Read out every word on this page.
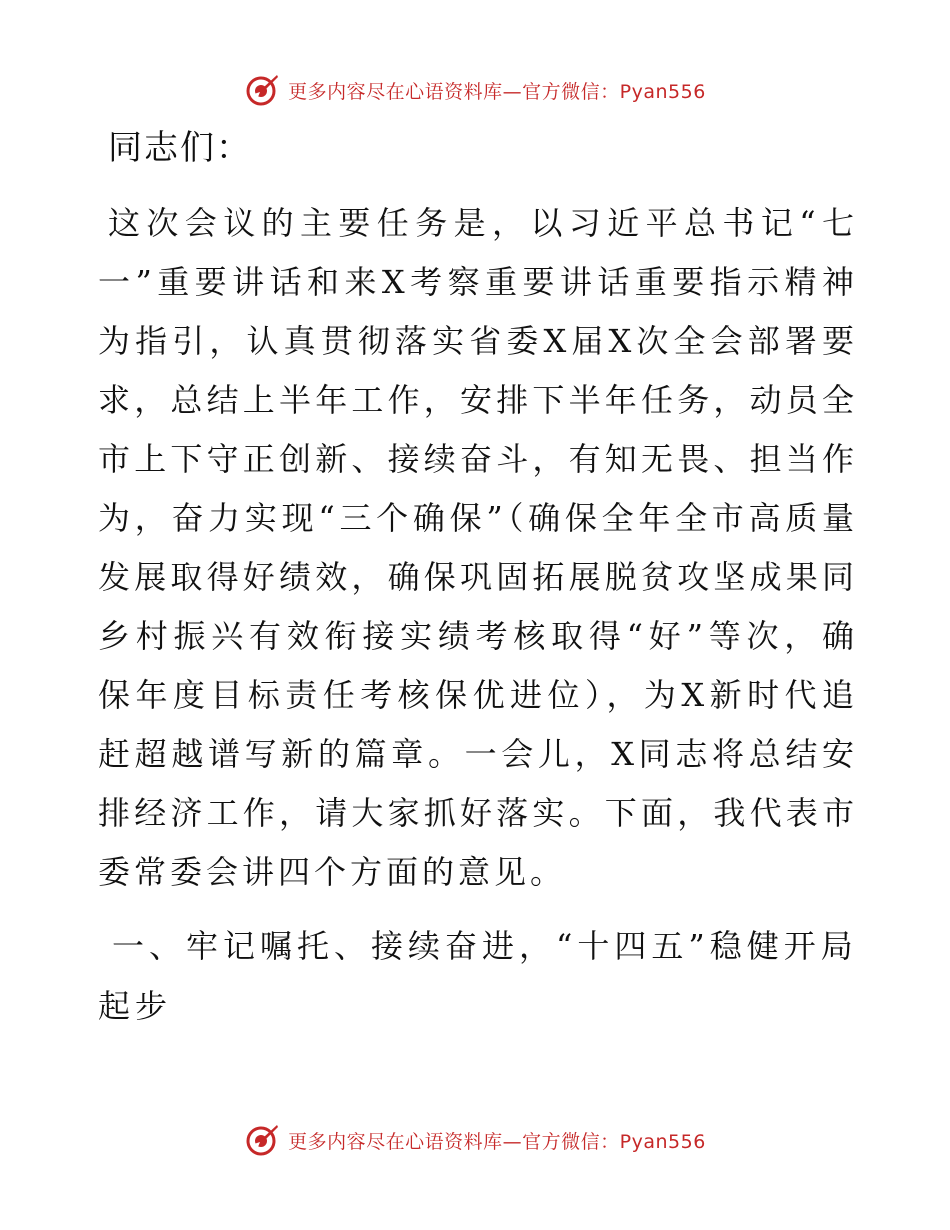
更多内容尽在心语资料库—官方微信：Pyan556

同志们：

这次会议的主要任务是，以习近平总书记“七一”重要讲话和来X考察重要讲话重要指示精神为指引，认真贯彻落实省委X届X次全会部署要求，总结上半年工作，安排下半年任务，动员全市上下守正创新、接续奋斗，有知无畏、担当作为，奋力实现“三个确保”（确保全年全市高质量发展取得好绩效，确保巩固拓展脱贫攻坚成果同乡村振兴有效衔接实绩考核取得“好”等次，确保年度目标责任考核保优进位），为X新时代追赶超越谱写新的篇章。一会儿，X同志将总结安排经济工作，请大家抓好落实。下面，我代表市委常委会讲四个方面的意见。

一、牢记嘱托、接续奋进，“十四五”稳健开局起步

更多内容尽在心语资料库—官方微信：Pyan556
